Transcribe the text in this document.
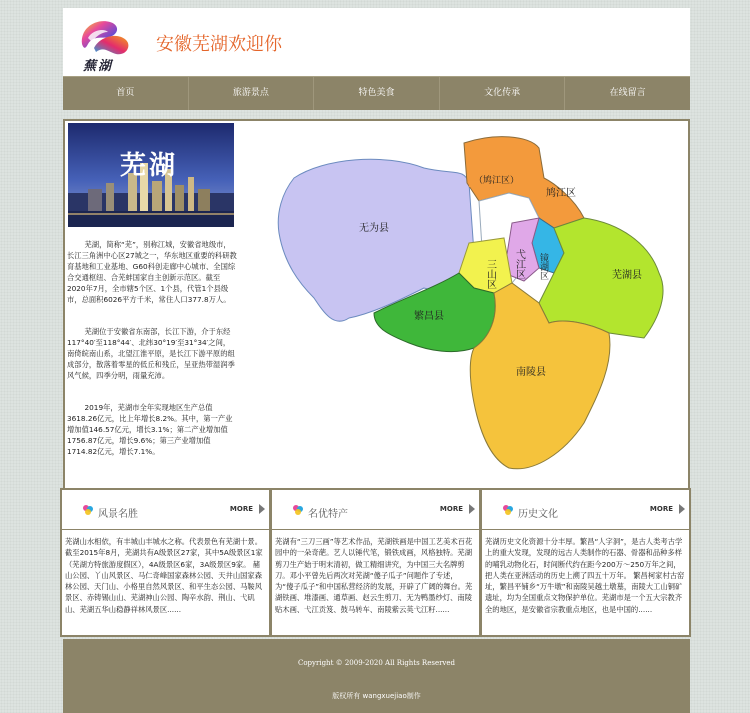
蕪湖
安徽芜湖欢迎你
首页	旅游景点	特色美食	文化传承	在线留言
芜湖

芜湖，简称“芜”，别称江城，安徽省地级市，长江三角洲中心区27城之一，华东地区重要的科研教育基地和工业基地、G60科创走廊中心城市、全国综合交通枢纽、合芜蚌国家自主创新示范区。截至2020年7月，全市辖5个区、1个县，代管1个县级市，总面积6026平方千米，常住人口377.8万人。

芜湖位于安徽省东南部，长江下游，介于东经117°40′至118°44′、北纬30°19′至31°34′之间，南倚皖南山系，北望江淮平原，是长江下游平原的组成部分，散落着零星的低丘和残丘，呈亚热带湿润季风气候，四季分明，雨量充沛。

2019年，芜湖市全年实现地区生产总值3618.26亿元，比上年增长8.2%。其中，第一产业增加值146.57亿元，增长3.1%；第二产业增加值1756.87亿元，增长9.6%；第三产业增加值1714.82亿元，增长7.1%。

无为县
（鸠江区）
鸠江区
镜湖区
弋江区
三山区
繁昌县
南陵县
芜湖县
风景名胜	MORE
芜湖山水相依，有丰城山丰城水之称。代表景色有芜湖十景。截至2015年8月，芜湖共有A级景区27家，其中5A级景区1家（芜湖方特旅游度假区），4A级景区6家，3A级景区9家。 赭山公园、丫山风景区、马仁奇峰国家森林公园、天井山国家森林公园、天门山、小格里自然风景区、和平生态公园、马鞍风景区、赤铸锡山山、芜湖神山公园、陶辛水韵、荆山、弋矶山、芜湖五华山稳静祥林风景区......
名优特产	MORE
芜湖有“三刀三画”等艺术作品，芜湖铁画是中国工艺美术百花园中的一朵奇葩。艺人以锤代笔，锻铁成画，风格独特。芜湖剪刀生产始于明末清初，做工精细讲究，为中国三大名牌剪刀。邓小平曾先后两次对芜湖“傻子瓜子”问题作了专述，为“傻子瓜子”和中国私营经济的发展，开辟了广阔的舞台。芜湖铁画、堆漆画、通草画、赵云生剪刀、无为鸭墨纱灯、南陵贴木画、弋江贡笈、鼓马转车、南陵紫云英弋江籽......
历史文化	MORE
芜湖历史文化资源十分丰厚。繁昌“人字洞”，是古人类考古学上的重大发现，发现的远古人类制作的石器、骨器和品种多样的哺乳动物化石，时间断代约在距今200万～250万年之间，把人类在亚洲活动的历史上溯了四五十万年。 繁昌柯家村古窑址，繁昌平铺乡“万牛墩”和南陵吴越土墩墓，南陵大工山铜矿遗址，均为全国重点文物保护单位。芜湖市是一个五大宗教齐全的地区，是安徽省宗教重点地区，也是中国的......
Copyright © 2009-2020 All Rights Reserved
版权所有 wangxuejiao制作
